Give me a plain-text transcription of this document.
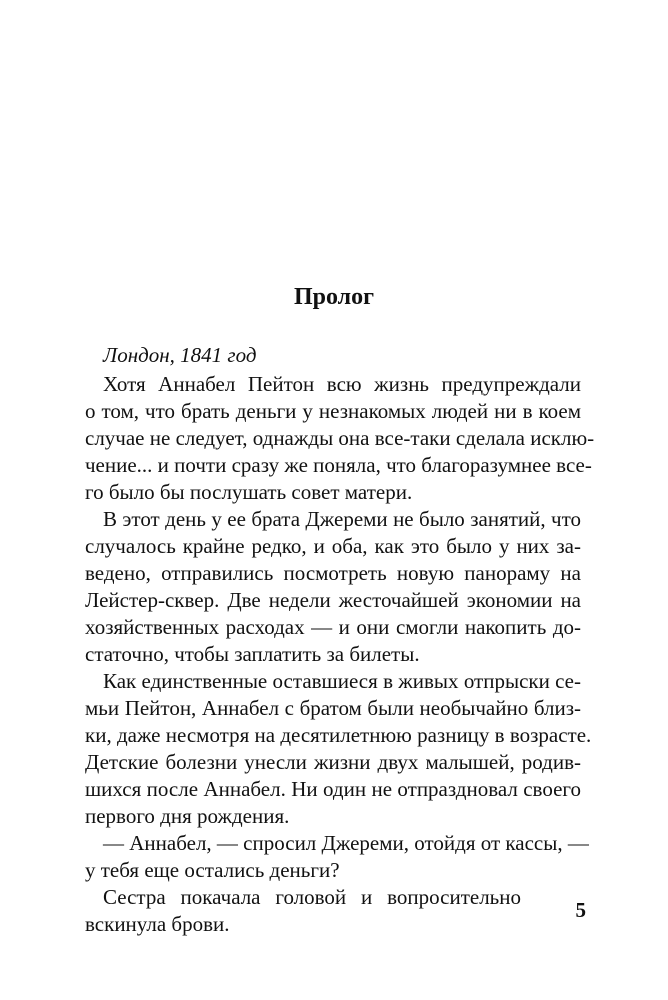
Пролог

Лондон, 1841 год

Хотя Аннабел Пейтон всю жизнь предупреждали
о том, что брать деньги у незнакомых людей ни в коем
случае не следует, однажды она все-таки сделала исклю-
чение... и почти сразу же поняла, что благоразумнее все-
го было бы послушать совет матери.
В этот день у ее брата Джереми не было занятий, что
случалось крайне редко, и оба, как это было у них за-
ведено, отправились посмотреть новую панораму на
Лейстер-сквер. Две недели жесточайшей экономии на
хозяйственных расходах — и они смогли накопить до-
статочно, чтобы заплатить за билеты.
Как единственные оставшиеся в живых отпрыски се-
мьи Пейтон, Аннабел с братом были необычайно близ-
ки, даже несмотря на десятилетнюю разницу в возрасте.
Детские болезни унесли жизни двух малышей, родив-
шихся после Аннабел. Ни один не отпраздновал своего
первого дня рождения.
— Аннабел, — спросил Джереми, отойдя от кассы, —
у тебя еще остались деньги?
Сестра покачала головой и вопросительно
вскинула брови.
5
